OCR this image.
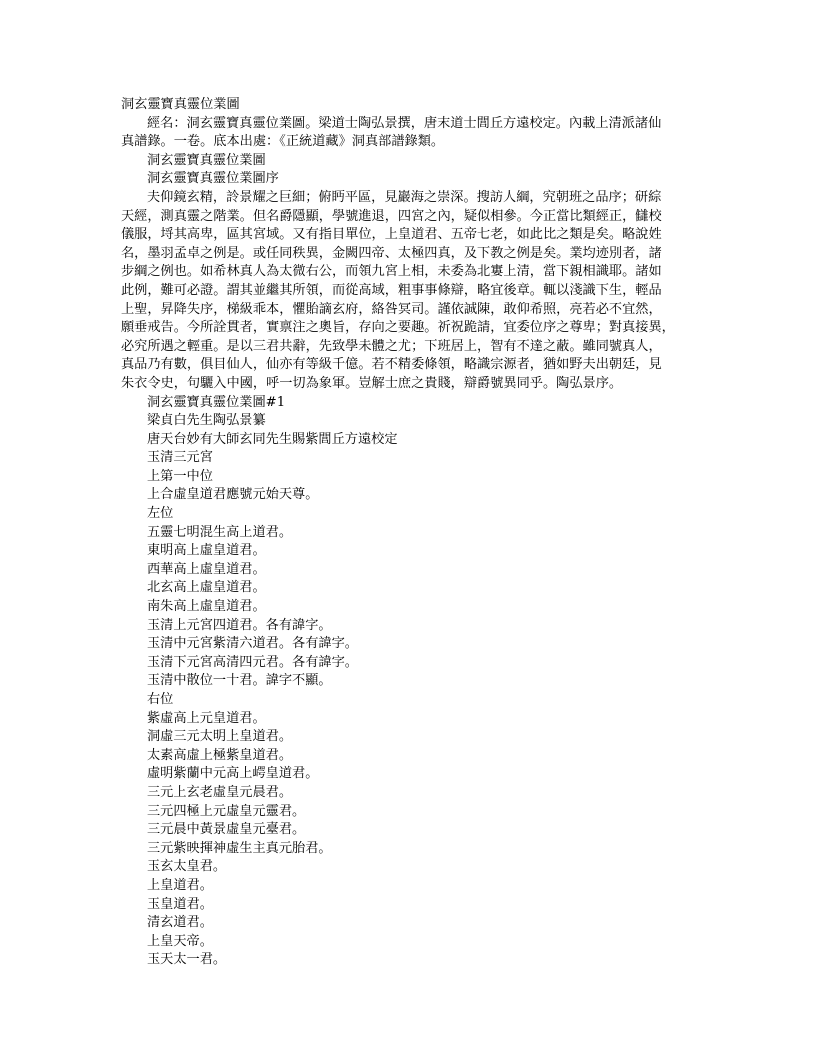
洞玄靈寶真靈位業圖
經名：洞玄靈寶真靈位業圖。梁道士陶弘景撰，唐末道士閭丘方遠校定。內載上清派諸仙
真譜錄。一卷。底本出處：《正統道藏》洞真部譜錄類。
洞玄靈寶真靈位業圖
洞玄靈寶真靈位業圖序
夫仰鏡玄精，詅景耀之巨細；俯眄平區，見巖海之崇深。搜訪人綱，究朝班之品序；研綜
天經，測真靈之階業。但名爵隱顯，學號進退，四宮之內，疑似相參。今正當比類經正，讎校
儀服，埒其高卑，區其宮域。又有指目單位，上皇道君、五帝七老，如此比之類是矣。略說姓
名，墨羽孟卓之例是。或任同秩異，金闕四帝、太極四真，及下教之例是矣。業均迹別者，諸
步綱之例也。如希林真人為太微右公，而領九宮上相，未委為北寠上清，當下親相識耶。諸如
此例，難可必證。謂其並繼其所領，而從高域，粗事事條辯，略宜後章。輒以淺識下生，輕品
上聖，昇降失序，梯級乖本，懼貽謫玄府，絡咎冥司。謹依誠陳，敢仰希照，亮若必不宜然，
願垂戒告。今所詮貫者，實禀注之奧旨，存向之要趣。祈祝跪請，宜委位序之尊卑；對真接異，
必究所遇之輕重。是以三君共辭，先致學未體之尤；下班居上，智有不達之蔽。雖同號真人，
真品乃有數，俱目仙人，仙亦有等級千億。若不精委條領，略識宗源者，猶如野夫出朝廷，見
朱衣令史，句驪入中國，呼一切為象軍。豈解士庶之貴賤，辯爵號異同乎。陶弘景序。
洞玄靈寶真靈位業圖#1
梁貞白先生陶弘景纂
唐天台妙有大師玄同先生賜紫閭丘方遠校定
玉清三元宮
上第一中位
上合虛皇道君應號元始天尊。
左位
五靈七明混生高上道君。
東明高上虛皇道君。
西華高上虛皇道君。
北玄高上虛皇道君。
南朱高上虛皇道君。
玉清上元宮四道君。各有諱字。
玉清中元宮紫清六道君。各有諱字。
玉清下元宮高清四元君。各有諱字。
玉清中散位一十君。諱字不顯。
右位
紫虛高上元皇道君。
洞虛三元太明上皇道君。
太素高虛上極紫皇道君。
虛明紫蘭中元高上崿皇道君。
三元上玄老虛皇元晨君。
三元四極上元虛皇元靈君。
三元晨中黃景虛皇元臺君。
三元紫映揮神虛生主真元胎君。
玉玄太皇君。
上皇道君。
玉皇道君。
清玄道君。
上皇天帝。
玉天太一君。
